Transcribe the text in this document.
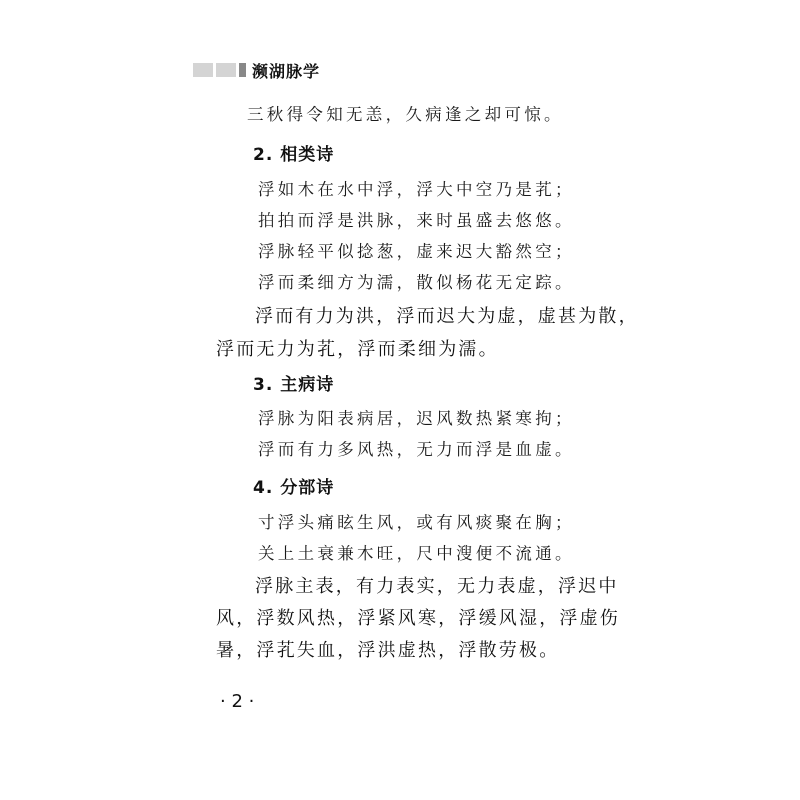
濒湖脉学
三秋得令知无恙，久病逢之却可惊。
2. 相类诗
浮如木在水中浮，浮大中空乃是芤；
拍拍而浮是洪脉，来时虽盛去悠悠。
浮脉轻平似捻葱，虚来迟大豁然空；
浮而柔细方为濡，散似杨花无定踪。
浮而有力为洪，浮而迟大为虚，虚甚为散，
浮而无力为芤，浮而柔细为濡。
3. 主病诗
浮脉为阳表病居，迟风数热紧寒拘；
浮而有力多风热，无力而浮是血虚。
4. 分部诗
寸浮头痛眩生风，或有风痰聚在胸；
关上土衰兼木旺，尺中溲便不流通。
浮脉主表，有力表实，无力表虚，浮迟中
风，浮数风热，浮紧风寒，浮缓风湿，浮虚伤
暑，浮芤失血，浮洪虚热，浮散劳极。
· 2 ·
